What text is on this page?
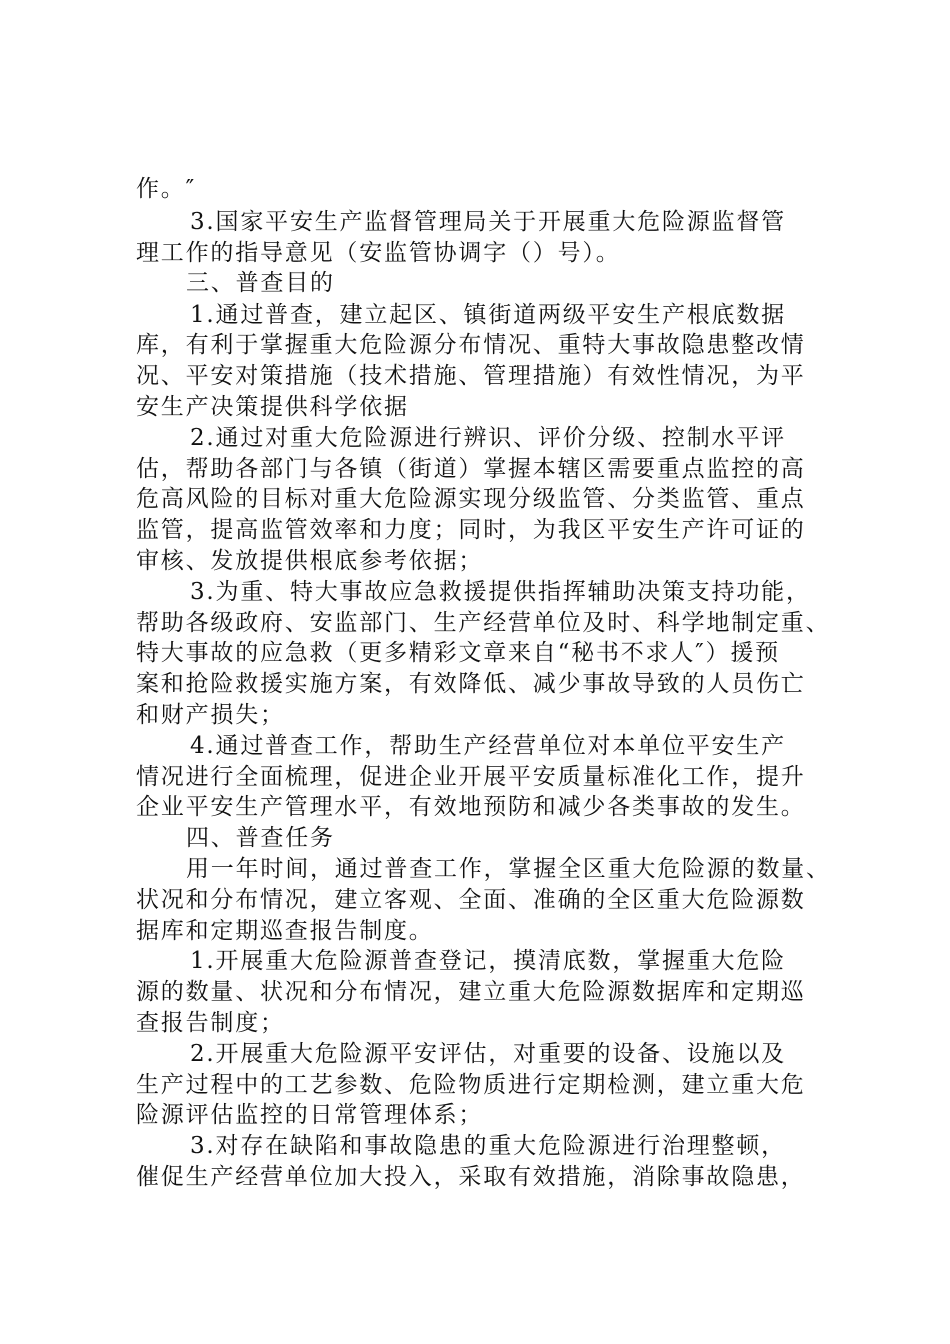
作。″
3.国家平安生产监督管理局关于开展重大危险源监督管
理工作的指导意见（安监管协调字（）号）。
三、普查目的
1.通过普查，建立起区、镇街道两级平安生产根底数据
库，有利于掌握重大危险源分布情况、重特大事故隐患整改情
况、平安对策措施（技术措施、管理措施）有效性情况，为平
安生产决策提供科学依据
2.通过对重大危险源进行辨识、评价分级、控制水平评
估，帮助各部门与各镇（街道）掌握本辖区需要重点监控的高
危高风险的目标对重大危险源实现分级监管、分类监管、重点
监管，提高监管效率和力度；同时，为我区平安生产许可证的
审核、发放提供根底参考依据；
3.为重、特大事故应急救援提供指挥辅助决策支持功能，
帮助各级政府、安监部门、生产经营单位及时、科学地制定重、
特大事故的应急救（更多精彩文章来自“秘书不求人″）援预
案和抢险救援实施方案，有效降低、减少事故导致的人员伤亡
和财产损失；
4.通过普查工作，帮助生产经营单位对本单位平安生产
情况进行全面梳理，促进企业开展平安质量标准化工作，提升
企业平安生产管理水平，有效地预防和减少各类事故的发生。
四、普查任务
用一年时间，通过普查工作，掌握全区重大危险源的数量、
状况和分布情况，建立客观、全面、准确的全区重大危险源数
据库和定期巡查报告制度。
1.开展重大危险源普查登记，摸清底数，掌握重大危险
源的数量、状况和分布情况，建立重大危险源数据库和定期巡
查报告制度；
2.开展重大危险源平安评估，对重要的设备、设施以及
生产过程中的工艺参数、危险物质进行定期检测，建立重大危
险源评估监控的日常管理体系；
3.对存在缺陷和事故隐患的重大危险源进行治理整顿，
催促生产经营单位加大投入，采取有效措施，消除事故隐患，
